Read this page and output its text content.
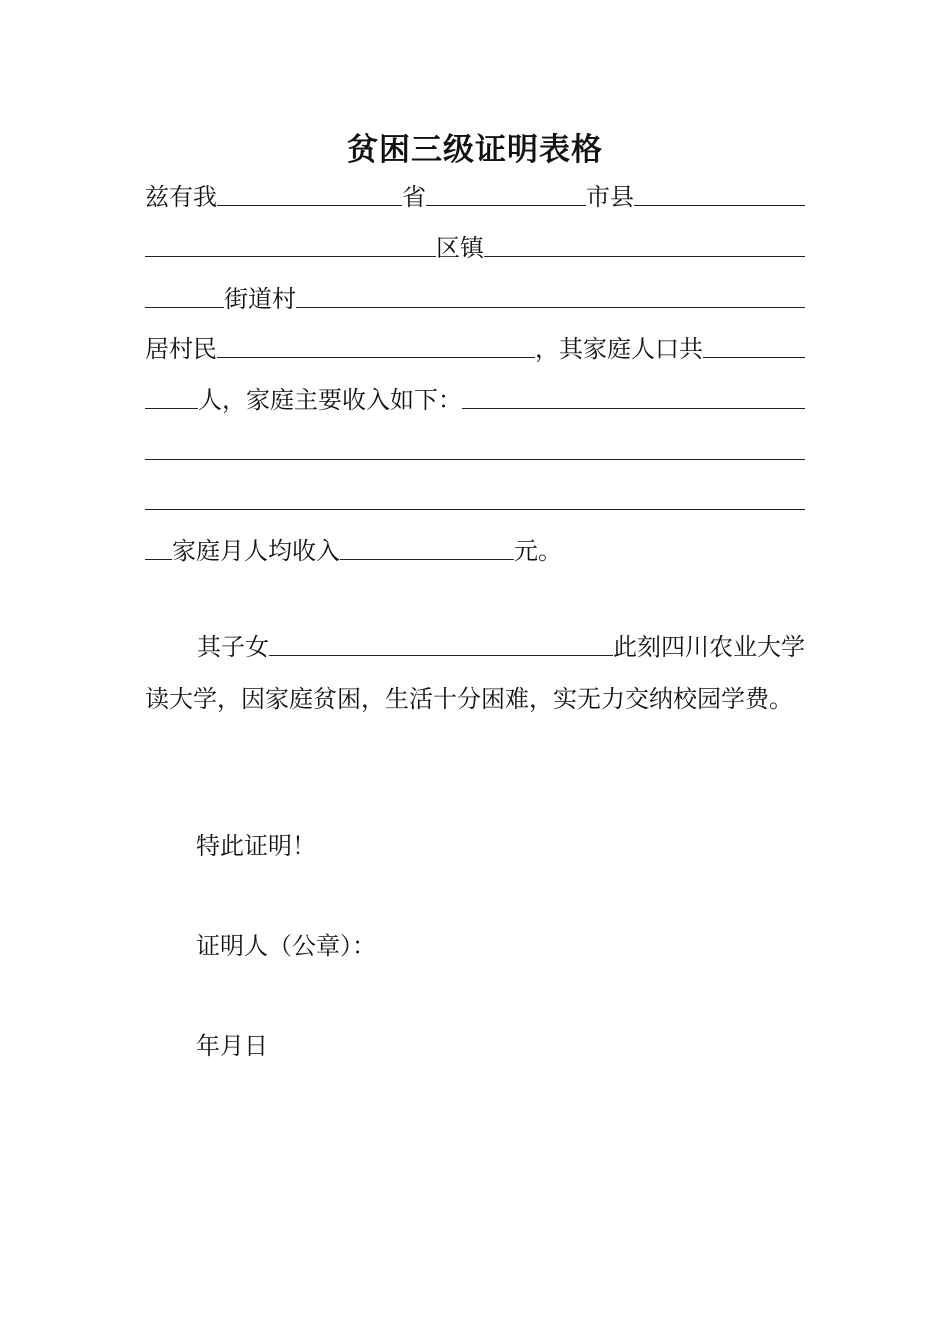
贫困三级证明表格
兹有我	省	市县
区镇
街道村
居村民	，其家庭人口共
人，家庭主要收入如下：
家庭月人均收入	元。
其子女	此刻四川农业大学
读大学，因家庭贫困，生活十分困难，实无力交纳校园学费。
特此证明！
证明人（公章）：
年月日
